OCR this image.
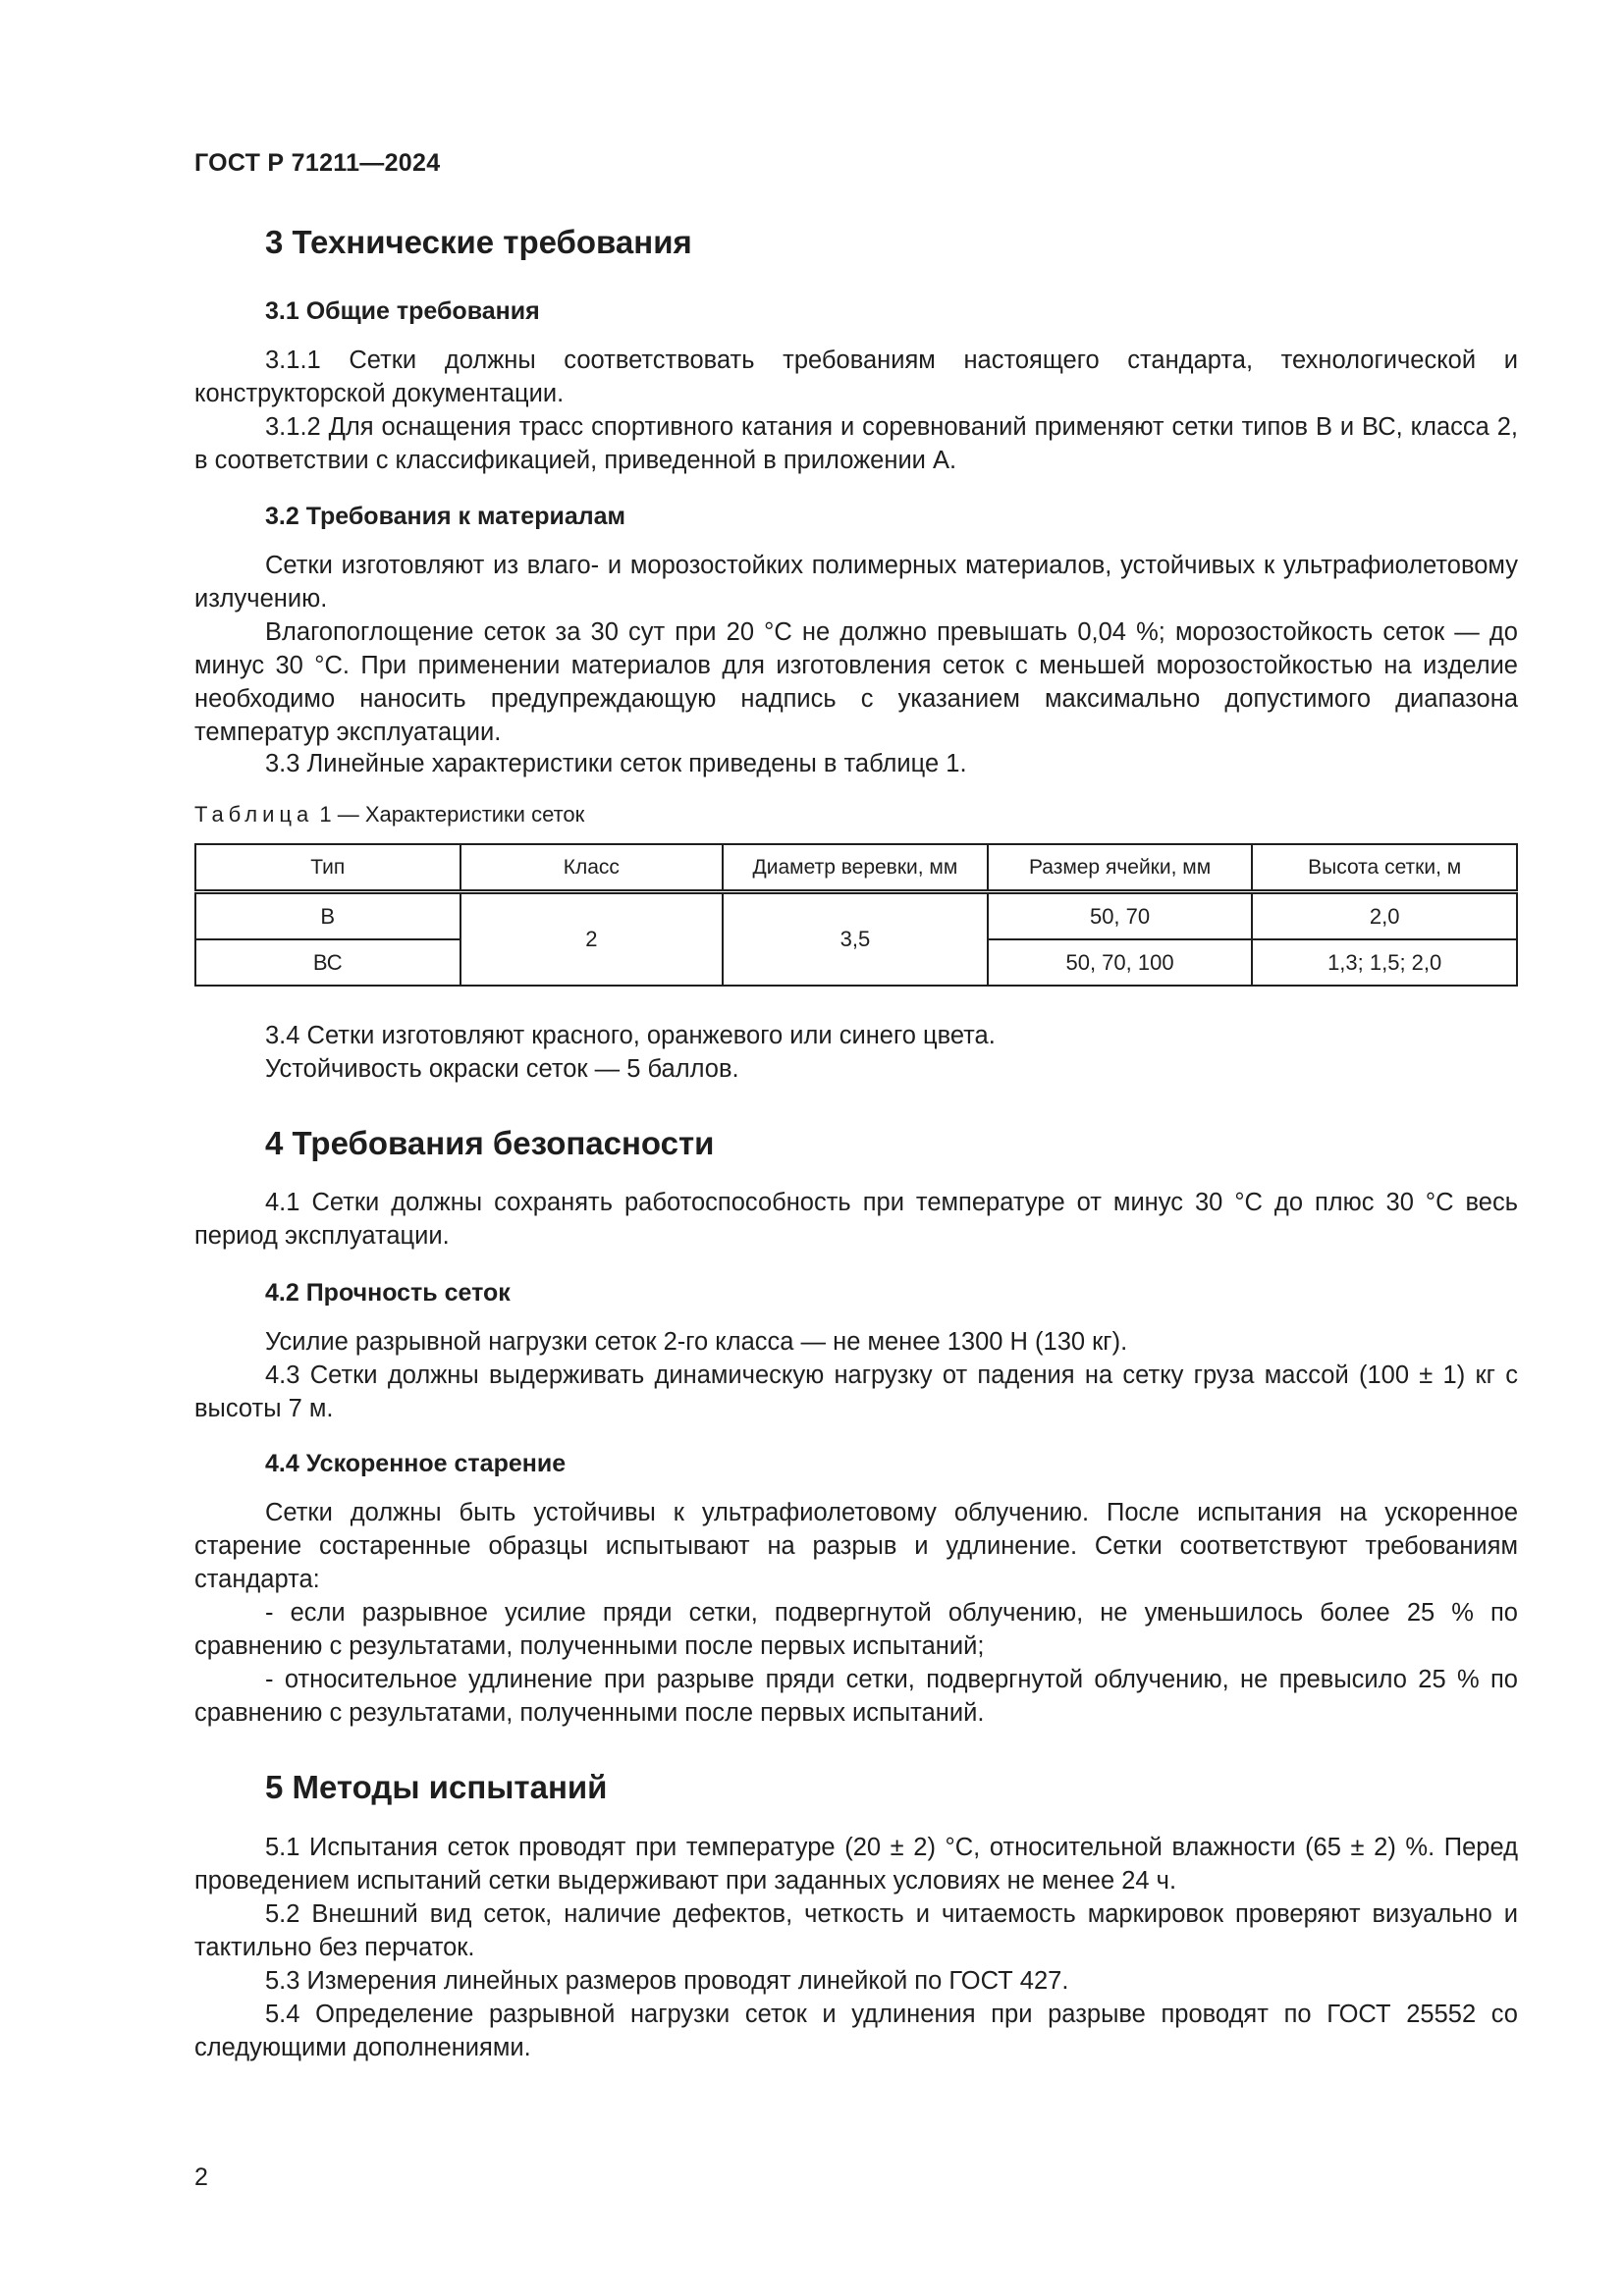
ГОСТ Р 71211—2024
3 Технические требования
3.1 Общие требования
3.1.1 Сетки должны соответствовать требованиям настоящего стандарта, технологической и конструкторской документации.
3.1.2 Для оснащения трасс спортивного катания и соревнований применяют сетки типов В и ВС, класса 2, в соответствии с классификацией, приведенной в приложении А.
3.2 Требования к материалам
Сетки изготовляют из влаго- и морозостойких полимерных материалов, устойчивых к ультрафиолетовому излучению.
Влагопоглощение сеток за 30 сут при 20 °С не должно превышать 0,04 %; морозостойкость сеток — до минус 30 °С. При применении материалов для изготовления сеток с меньшей морозостойкостью на изделие необходимо наносить предупреждающую надпись с указанием максимально допустимого диапазона температур эксплуатации.
3.3 Линейные характеристики сеток приведены в таблице 1.
Таблица 1 — Характеристики сеток
Тип	Класс	Диаметр веревки, мм	Размер ячейки, мм	Высота сетки, м
В	2	3,5	50, 70	2,0
ВС			50, 70, 100	1,3; 1,5; 2,0
3.4 Сетки изготовляют красного, оранжевого или синего цвета.
Устойчивость окраски сеток — 5 баллов.
4 Требования безопасности
4.1 Сетки должны сохранять работоспособность при температуре от минус 30 °С до плюс 30 °С весь период эксплуатации.
4.2 Прочность сеток
Усилие разрывной нагрузки сеток 2-го класса — не менее 1300 Н (130 кг).
4.3 Сетки должны выдерживать динамическую нагрузку от падения на сетку груза массой (100 ± 1) кг с высоты 7 м.
4.4 Ускоренное старение
Сетки должны быть устойчивы к ультрафиолетовому облучению. После испытания на ускоренное старение состаренные образцы испытывают на разрыв и удлинение. Сетки соответствуют требованиям стандарта:
- если разрывное усилие пряди сетки, подвергнутой облучению, не уменьшилось более 25 % по сравнению с результатами, полученными после первых испытаний;
- относительное удлинение при разрыве пряди сетки, подвергнутой облучению, не превысило 25 % по сравнению с результатами, полученными после первых испытаний.
5 Методы испытаний
5.1 Испытания сеток проводят при температуре (20 ± 2) °С, относительной влажности (65 ± 2) %. Перед проведением испытаний сетки выдерживают при заданных условиях не менее 24 ч.
5.2 Внешний вид сеток, наличие дефектов, четкость и читаемость маркировок проверяют визуально и тактильно без перчаток.
5.3 Измерения линейных размеров проводят линейкой по ГОСТ 427.
5.4 Определение разрывной нагрузки сеток и удлинения при разрыве проводят по ГОСТ 25552 со следующими дополнениями.
2
